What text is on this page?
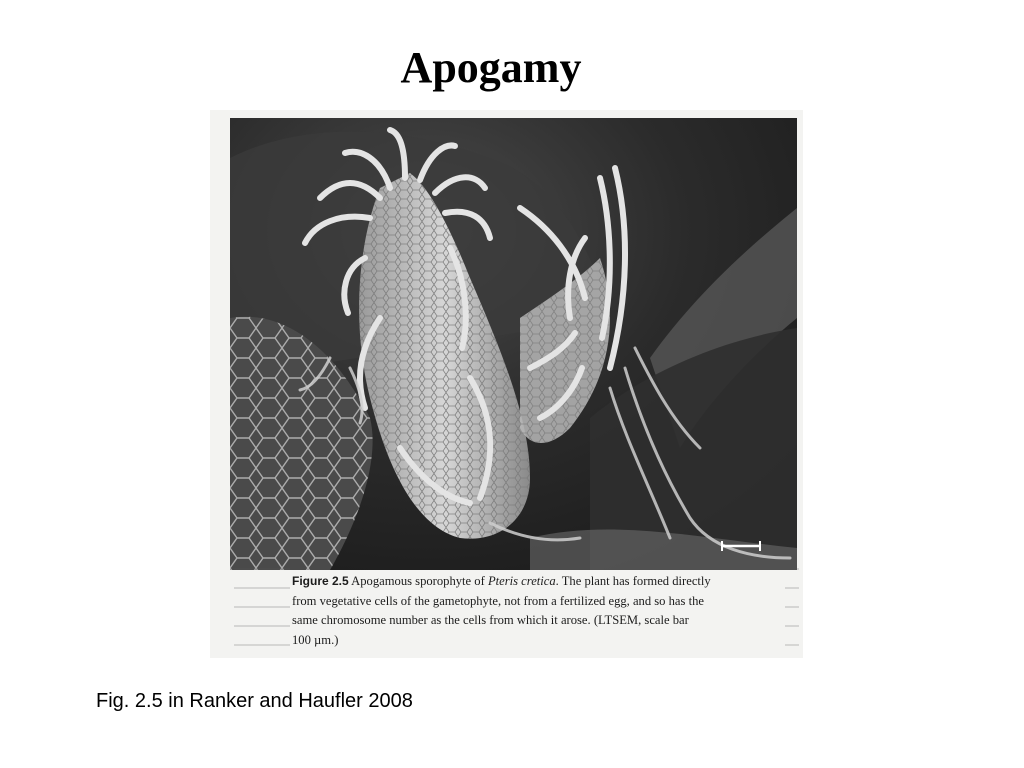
Apogamy
Figure 2.5 Apogamous sporophyte of Pteris cretica. The plant has formed directly
from vegetative cells of the gametophyte, not from a fertilized egg, and so has the
same chromosome number as the cells from which it arose. (LTSEM, scale bar
100 µm.)

Fig. 2.5 in Ranker and Haufler 2008
